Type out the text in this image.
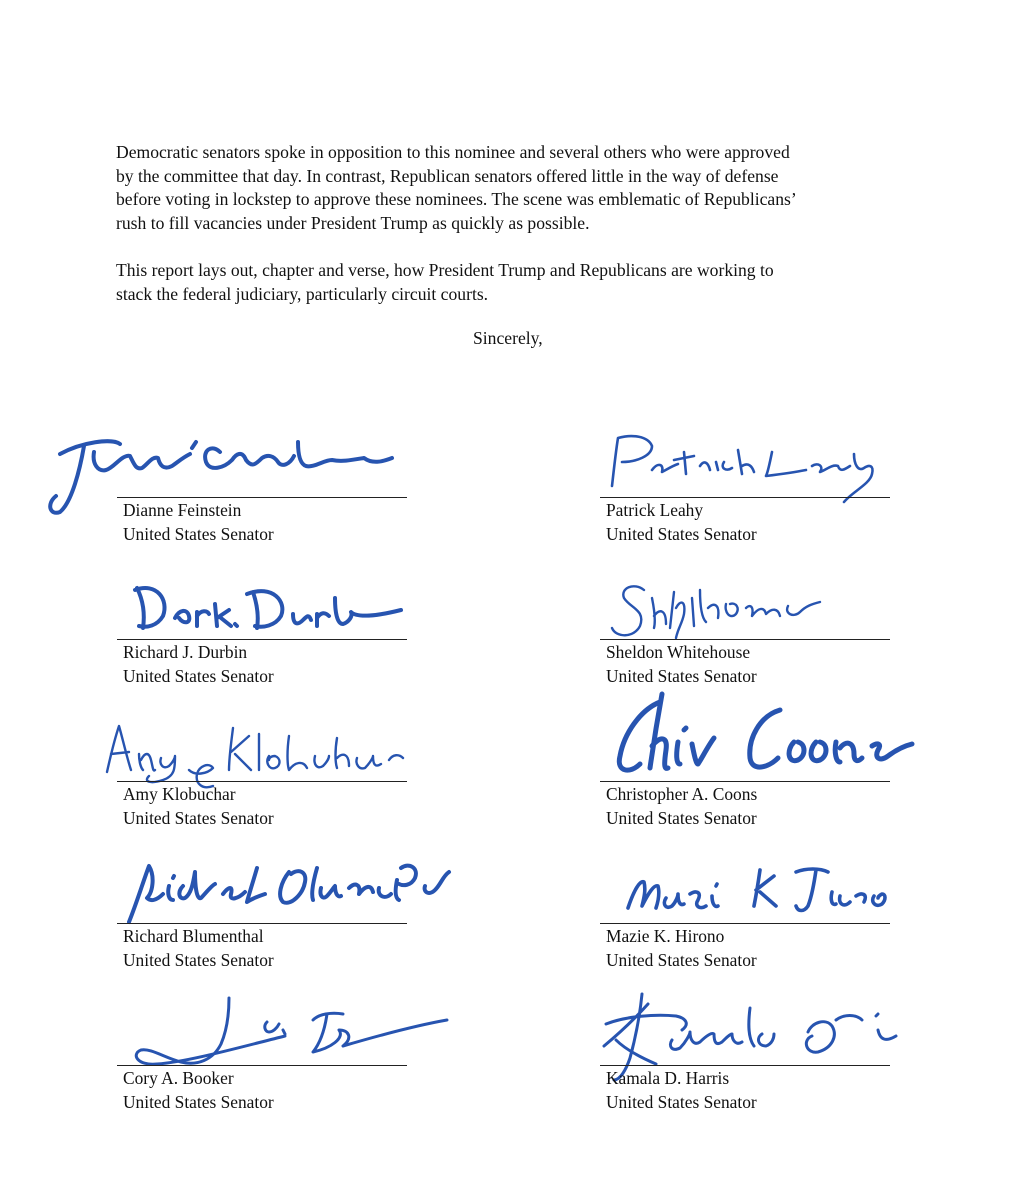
Democratic senators spoke in opposition to this nominee and several others who were approved
by the committee that day. In contrast, Republican senators offered little in the way of defense
before voting in lockstep to approve these nominees. The scene was emblematic of Republicans’
rush to fill vacancies under President Trump as quickly as possible.

This report lays out, chapter and verse, how President Trump and Republicans are working to
stack the federal judiciary, particularly circuit courts.

Sincerely,

Dianne Feinstein
United States Senator
Patrick Leahy
United States Senator
Richard J. Durbin
United States Senator
Sheldon Whitehouse
United States Senator
Amy Klobuchar
United States Senator
Christopher A. Coons
United States Senator
Richard Blumenthal
United States Senator
Mazie K. Hirono
United States Senator
Cory A. Booker
United States Senator
Kamala D. Harris
United States Senator
